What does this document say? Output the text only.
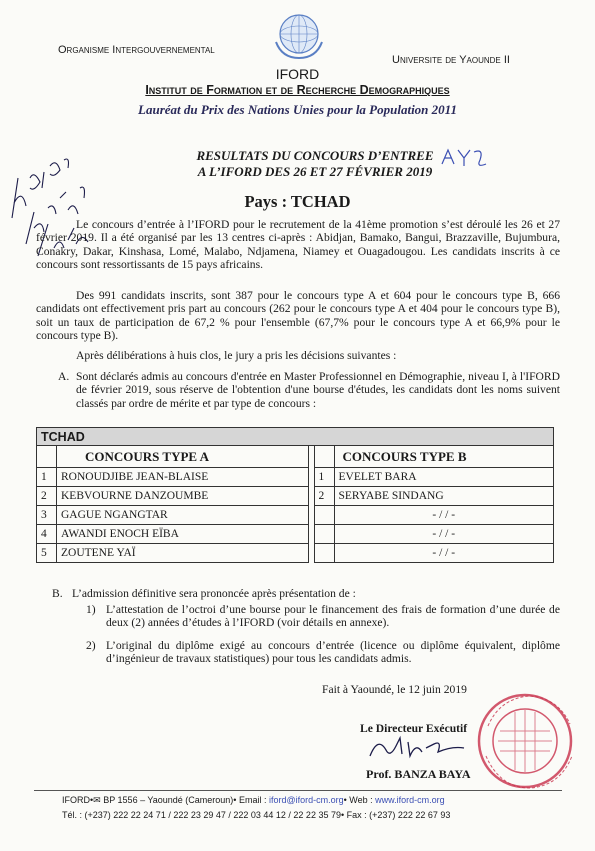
Organisme Intergouvernemental
Universite de Yaounde II
IFORD
Institut de Formation et de Recherche Demographiques
Lauréat du Prix des Nations Unies pour la Population 2011
RESULTATS DU CONCOURS D’ENTREE
A L’IFORD DES 26 ET 27 FÉVRIER 2019
Pays : TCHAD
Le concours d’entrée à l’IFORD pour le recrutement de la 41ème promotion s’est déroulé les 26 et 27 février 2019. Il a été organisé par les 13 centres ci-après : Abidjan, Bamako, Bangui, Brazzaville, Bujumbura, Conakry, Dakar, Kinshasa, Lomé, Malabo, Ndjamena, Niamey et Ouagadougou. Les candidats inscrits à ce concours sont ressortissants de 15 pays africains.
Des 991 candidats inscrits, sont 387 pour le concours type A et 604 pour le concours type B, 666 candidats ont effectivement pris part au concours (262 pour le concours type A et 404 pour le concours type B), soit un taux de participation de 67,2 % pour l'ensemble (67,7% pour le concours type A et 66,9% pour le concours type B).
Après délibérations à huis clos, le jury a pris les décisions suivantes :
A. Sont déclarés admis au concours d'entrée en Master Professionnel en Démographie, niveau I, à l'IFORD de février 2019, sous réserve de l'obtention d'une bourse d'études, les candidats dont les noms suivent classés par ordre de mérite et par type de concours :
TCHAD				
	CONCOURS TYPE A			CONCOURS TYPE B
1	RONOUDJIBE JEAN-BLAISE		1	EVELET BARA
2	KEBVOURNE DANZOUMBE		2	SERYABE SINDANG
3	GAGUE NGANGTAR			- / / -
4	AWANDI ENOCH EÏBA			- / / -
5	ZOUTENE YAÏ			- / / -
B. L’admission définitive sera prononcée après présentation de :
1) L’attestation de l’octroi d’une bourse pour le financement des frais de formation d’une durée de deux (2) années d’études à l’IFORD (voir détails en annexe).
2) L’original du diplôme exigé au concours d’entrée (licence ou diplôme équivalent, diplôme d’ingénieur de travaux statistiques) pour tous les candidats admis.
Fait à Yaoundé, le 12 juin 2019
Le Directeur Exécutif
Prof. BANZA BAYA
IFORD•✉ BP 1556 – Yaoundé (Cameroun)• Email : iford@iford-cm.org• Web : www.iford-cm.org
Tél. : (+237) 222 22 24 71 / 222 23 29 47 / 222 03 44 12 / 22 22 35 79• Fax : (+237) 222 22 67 93
